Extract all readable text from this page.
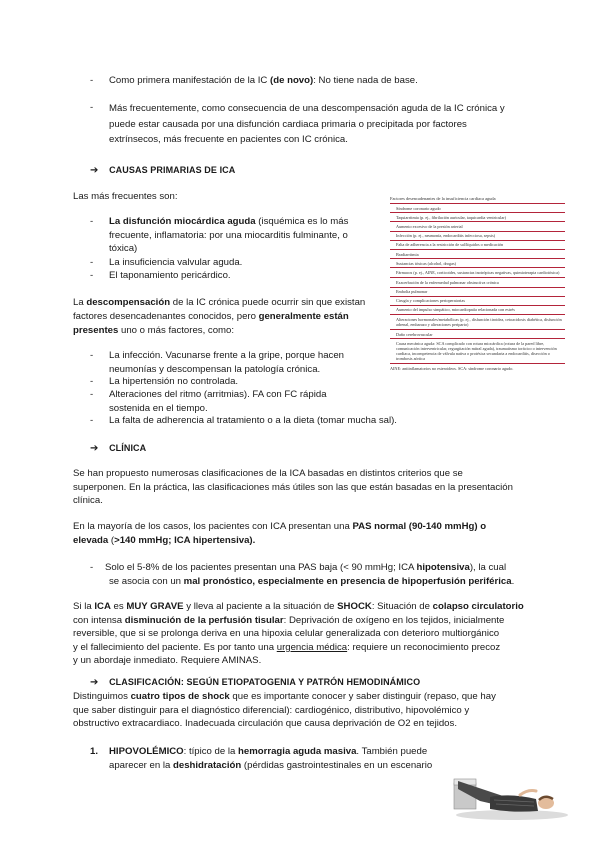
- Como primera manifestación de la IC (de novo): No tiene nada de base.
- Más frecuentemente, como consecuencia de una descompensación aguda de la IC crónica y
puede estar causada por una disfunción cardiaca primaria o precipitada por factores
extrínsecos, más frecuente en pacientes con IC crónica.
➔ CAUSAS PRIMARIAS DE ICA
Las más frecuentes son:
- La disfunción miocárdica aguda (isquémica es lo más
frecuente, inflamatoria: por una miocarditis fulminante, o
tóxica)
- La insuficiencia valvular aguda.
- El taponamiento pericárdico.
La descompensación de la IC crónica puede ocurrir sin que existan
factores desencadenantes conocidos, pero generalmente están
presentes uno o más factores, como:
- La infección. Vacunarse frente a la gripe, porque hacen
neumonías y descompensan la patología crónica.
- La hipertensión no controlada.
- Alteraciones del ritmo (arritmias). FA con FC rápida
sostenida en el tiempo.
- La falta de adherencia al tratamiento o a la dieta (tomar mucha sal).
Factores desencadenantes de la insuficiencia cardiaca aguda
Síndrome coronario agudo
Taquiarritmia (p. ej., fibrilación auricular, taquicardia ventricular)
Aumento excesivo de la presión arterial
Infección (p. ej., neumonía, endocarditis infecciosa, sepsis)
Falta de adherencia a la restricción de sal/líquidos o medicación
Bradiarritmia
Sustancias tóxicas (alcohol, drogas)
Fármacos (p. ej., AINE, corticoides, sustancias inotrópicas negativas, quimioterapia cardiotóxica)
Exacerbación de la enfermedad pulmonar obstructiva crónica
Embolia pulmonar
Cirugía y complicaciones perioperatorias
Aumento del impulso simpático, miocardiopatía relacionada con estrés
Alteraciones hormonales/metabólicas (p. ej., disfunción tiroidea, cetoacidosis diabética, disfunción adrenal, embarazo y alteraciones periparto)
Daño cerebrovascular
Causa mecánica aguda: SCA complicado con rotura miocárdica (rotura de la pared libre, comunicación interventricular, regurgitación mitral aguda), traumatismo torácico o intervención cardiaca, incompetencia de válvula nativa o protésica secundaria a endocarditis, disección o trombosis aórtica
AINE: antiinflamatorios no esteroideos. SCA: síndrome coronario agudo.
➔ CLÍNICA
Se han propuesto numerosas clasificaciones de la ICA basadas en distintos criterios que se
superponen. En la práctica, las clasificaciones más útiles son las que están basadas en la presentación
clínica.
En la mayoría de los casos, los pacientes con ICA presentan una PAS normal (90-140 mmHg) o
elevada (>140 mmHg; ICA hipertensiva).
- Solo el 5-8% de los pacientes presentan una PAS baja (< 90 mmHg; ICA hipotensiva), la cual
se asocia con un mal pronóstico, especialmente en presencia de hipoperfusión periférica.
Si la ICA es MUY GRAVE y lleva al paciente a la situación de SHOCK: Situación de colapso circulatorio
con intensa disminución de la perfusión tisular: Deprivación de oxígeno en los tejidos, inicialmente
reversible, que si se prolonga deriva en una hipoxia celular generalizada con deterioro multiorgánico
y el fallecimiento del paciente. Es por tanto una urgencia médica: requiere un reconocimiento precoz
y un abordaje inmediato. Requiere AMINAS.
➔ CLASIFICACIÓN: SEGÚN ETIOPATOGENIA Y PATRÓN HEMODINÁMICO
Distinguimos cuatro tipos de shock que es importante conocer y saber distinguir (repaso, que hay
que saber distinguir para el diagnóstico diferencial): cardiogénico, distributivo, hipovolémico y
obstructivo extracardiaco. Inadecuada circulación que causa deprivación de O2 en tejidos.
1. HIPOVOLÉMICO: típico de la hemorragia aguda masiva. También puede
aparecer en la deshidratación (pérdidas gastrointestinales en un escenario
